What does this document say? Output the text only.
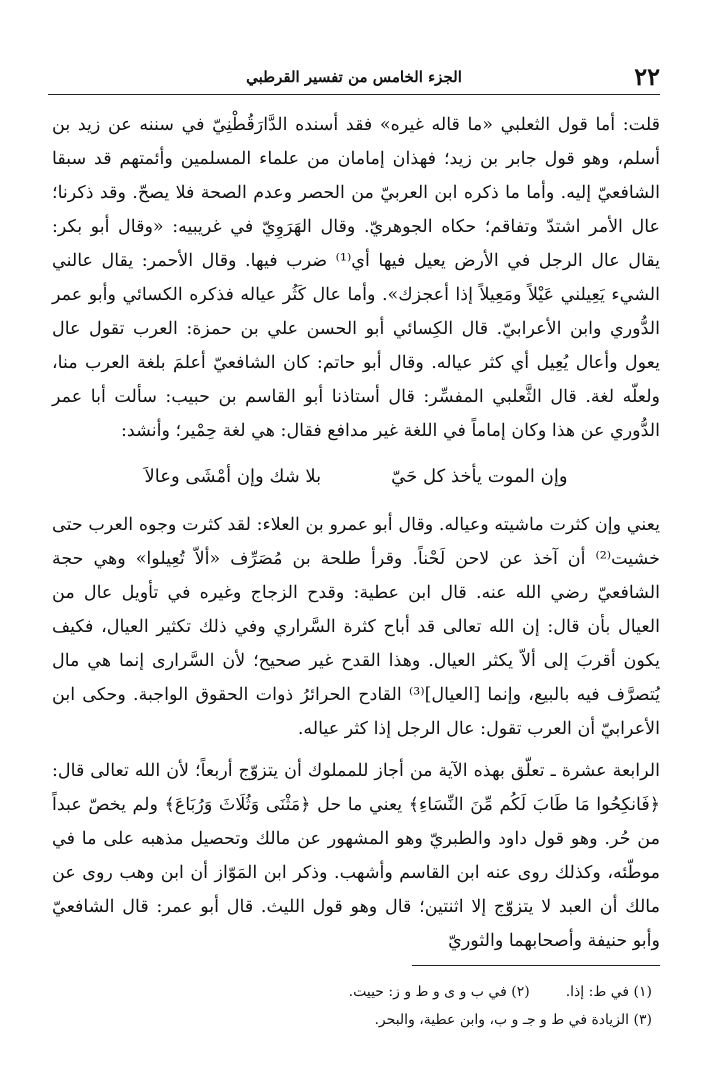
٢٢
الجزء الخامس من تفسير القرطبي

قلت: أما قول الثعلبي «ما قاله غيره» فقد أسنده الدَّارَقُطْنِيّ في سننه عن زيد بن أسلم، وهو قول جابر بن زيد؛ فهذان إمامان من علماء المسلمين وأئمتهم قد سبقا الشافعيّ إليه. وأما ما ذكره ابن العربيّ من الحصر وعدم الصحة فلا يصحّ. وقد ذكرنا؛ عال الأمر اشتدّ وتفاقم؛ حكاه الجوهريّ. وقال الهَرَوِيّ في غريبيه: «وقال أبو بكر: يقال عال الرجل في الأرض يعيل فيها أي⁽¹⁾ ضرب فيها. وقال الأحمر: يقال عالني الشيء يَعِيلني عَيْلاً ومَعِيلاً إذا أعجزك». وأما عال كَثُر عياله فذكره الكسائي وأبو عمر الدُّوري وابن الأعرابيّ. قال الكِسائي أبو الحسن علي بن حمزة: العرب تقول عال يعول وأعال يُعِيل أي كثر عياله. وقال أبو حاتم: كان الشافعيّ أعلمَ بلغة العرب منا، ولعلّه لغة. قال الثَّعلبي المفسِّر: قال أستاذنا أبو القاسم بن حبيب: سألت أبا عمر الدُّوري عن هذا وكان إماماً في اللغة غير مدافع فقال: هي لغة حِمْير؛ وأنشد:

وإن الموت يأخذ كل حَيّ
بلا شك وإن أمْشَى وعالاَ

يعني وإن كثرت ماشيته وعياله. وقال أبو عمرو بن العلاء: لقد كثرت وجوه العرب حتى خشيت⁽²⁾ أن آخذ عن لاحن لَحْناً. وقرأ طلحة بن مُصَرِّف «ألاّ تُعِيلوا» وهي حجة الشافعيّ رضي الله عنه. قال ابن عطية: وقدح الزجاج وغيره في تأويل عال من العيال بأن قال: إن الله تعالى قد أباح كثرة السَّراري وفي ذلك تكثير العيال، فكيف يكون أقربَ إلى ألاّ يكثر العيال. وهذا القدح غير صحيح؛ لأن السَّرارى إنما هي مال يُتصرَّف فيه بالبيع، وإنما [العيال]⁽³⁾ القادح الحرائرُ ذوات الحقوق الواجبة. وحكى ابن الأعرابيّ أن العرب تقول: عال الرجل إذا كثر عياله.

الرابعة عشرة ـ تعلّق بهذه الآية من أجاز للمملوك أن يتزوّج أربعاً؛ لأن الله تعالى قال: ﴿فَانكِحُوا مَا طَابَ لَكُم مِّنَ النِّسَاءِ﴾ يعني ما حل ﴿مَثْنَى وَثُلَاثَ وَرُبَاعَ﴾ ولم يخصّ عبداً من حُر. وهو قول داود والطبريّ وهو المشهور عن مالك وتحصيل مذهبه على ما في موطّئه، وكذلك روى عنه ابن القاسم وأشهب. وذكر ابن المَوّاز أن ابن وهب روى عن مالك أن العبد لا يتزوّج إلا اثنتين؛ قال وهو قول الليث. قال أبو عمر: قال الشافعيّ وأبو حنيفة وأصحابهما والثوريّ

(١) في ط: إذا.
(٢) في ب و ى و ط و ز: حييت.
(٣) الزيادة في ط و جـ و ب، وابن عطية، والبحر.
